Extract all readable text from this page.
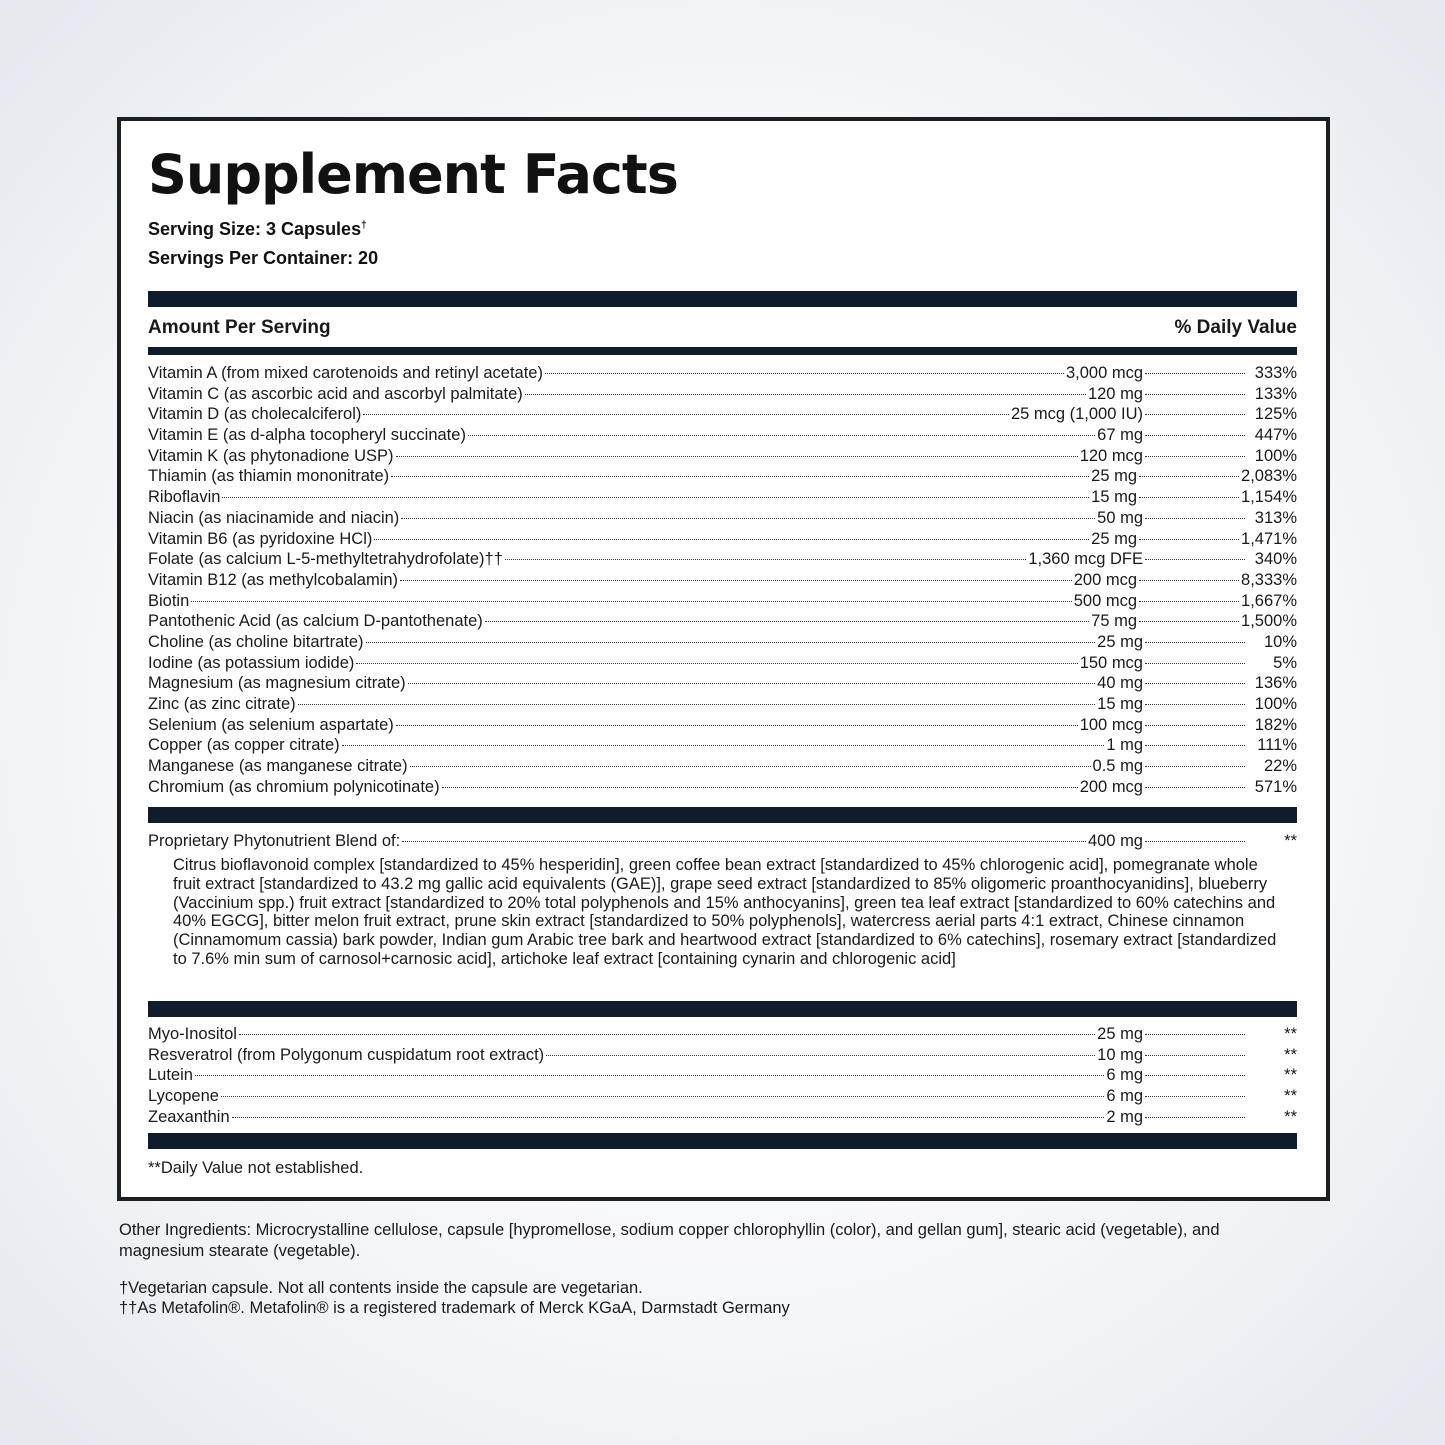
Supplement Facts
Serving Size: 3 Capsules†
Servings Per Container: 20
Amount Per Serving	% Daily Value
Vitamin A (from mixed carotenoids and retinyl acetate)	3,000 mcg	333%
Vitamin C (as ascorbic acid and ascorbyl palmitate)	120 mg	133%
Vitamin D (as cholecalciferol)	25 mcg (1,000 IU)	125%
Vitamin E (as d-alpha tocopheryl succinate)	67 mg	447%
Vitamin K (as phytonadione USP)	120 mcg	100%
Thiamin (as thiamin mononitrate)	25 mg	2,083%
Riboflavin	15 mg	1,154%
Niacin (as niacinamide and niacin)	50 mg	313%
Vitamin B6 (as pyridoxine HCl)	25 mg	1,471%
Folate (as calcium L-5-methyltetrahydrofolate)††	1,360 mcg DFE	340%
Vitamin B12 (as methylcobalamin)	200 mcg	8,333%
Biotin	500 mcg	1,667%
Pantothenic Acid (as calcium D-pantothenate)	75 mg	1,500%
Choline (as choline bitartrate)	25 mg	10%
Iodine (as potassium iodide)	150 mcg	5%
Magnesium (as magnesium citrate)	40 mg	136%
Zinc (as zinc citrate)	15 mg	100%
Selenium (as selenium aspartate)	100 mcg	182%
Copper (as copper citrate)	1 mg	111%
Manganese (as manganese citrate)	0.5 mg	22%
Chromium (as chromium polynicotinate)	200 mcg	571%
Proprietary Phytonutrient Blend of:	400 mg	**

Citrus bioflavonoid complex [standardized to 45% hesperidin], green coffee bean extract [standardized to 45% chlorogenic acid], pomegranate whole fruit extract [standardized to 43.2 mg gallic acid equivalents (GAE)], grape seed extract [standardized to 85% oligomeric proanthocyanidins], blueberry (Vaccinium spp.) fruit extract [standardized to 20% total polyphenols and 15% anthocyanins], green tea leaf extract [standardized to 60% catechins and 40% EGCG], bitter melon fruit extract, prune skin extract [standardized to 50% polyphenols], watercress aerial parts 4:1 extract, Chinese cinnamon (Cinnamomum cassia) bark powder, Indian gum Arabic tree bark and heartwood extract [standardized to 6% catechins], rosemary extract [standardized to 7.6% min sum of carnosol+carnosic acid], artichoke leaf extract [containing cynarin and chlorogenic acid]

Myo-Inositol	25 mg	**
Resveratrol (from Polygonum cuspidatum root extract)	10 mg	**
Lutein	6 mg	**
Lycopene	6 mg	**
Zeaxanthin	2 mg	**
**Daily Value not established.

Other Ingredients: Microcrystalline cellulose, capsule [hypromellose, sodium copper chlorophyllin (color), and gellan gum], stearic acid (vegetable), and magnesium stearate (vegetable).

†Vegetarian capsule. Not all contents inside the capsule are vegetarian.
††As Metafolin®. Metafolin® is a registered trademark of Merck KGaA, Darmstadt Germany
